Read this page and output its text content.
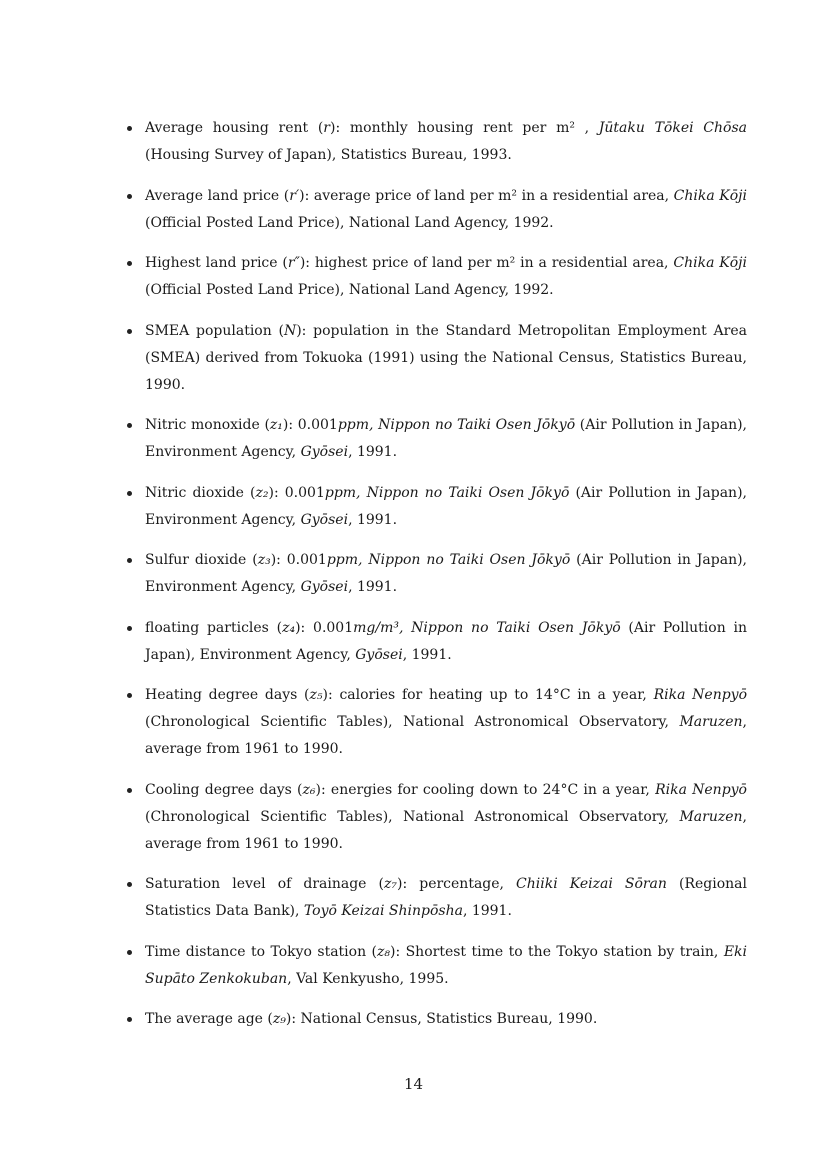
Average housing rent (r): monthly housing rent per m² , Jūtaku Tōkei Chōsa (Housing Survey of Japan), Statistics Bureau, 1993.
Average land price (r′): average price of land per m² in a residential area, Chika Kōji (Official Posted Land Price), National Land Agency, 1992.
Highest land price (r″): highest price of land per m² in a residential area, Chika Kōji (Official Posted Land Price), National Land Agency, 1992.
SMEA population (N): population in the Standard Metropolitan Employment Area (SMEA) derived from Tokuoka (1991) using the National Census, Statistics Bureau, 1990.
Nitric monoxide (z₁): 0.001ppm, Nippon no Taiki Osen Jōkyō (Air Pollution in Japan), Environment Agency, Gyōsei, 1991.
Nitric dioxide (z₂): 0.001ppm, Nippon no Taiki Osen Jōkyō (Air Pollution in Japan), Environment Agency, Gyōsei, 1991.
Sulfur dioxide (z₃): 0.001ppm, Nippon no Taiki Osen Jōkyō (Air Pollution in Japan), Environment Agency, Gyōsei, 1991.
floating particles (z₄): 0.001mg/m³, Nippon no Taiki Osen Jōkyō (Air Pollution in Japan), Environment Agency, Gyōsei, 1991.
Heating degree days (z₅): calories for heating up to 14°C in a year, Rika Nenpyō (Chronological Scientific Tables), National Astronomical Observatory, Maruzen, average from 1961 to 1990.
Cooling degree days (z₆): energies for cooling down to 24°C in a year, Rika Nenpyō (Chronological Scientific Tables), National Astronomical Observatory, Maruzen, average from 1961 to 1990.
Saturation level of drainage (z₇): percentage, Chiiki Keizai Sōran (Regional Statistics Data Bank), Toyō Keizai Shinpōsha, 1991.
Time distance to Tokyo station (z₈): Shortest time to the Tokyo station by train, Eki Supāto Zenkokuban, Val Kenkyusho, 1995.
The average age (z₉): National Census, Statistics Bureau, 1990.
14
